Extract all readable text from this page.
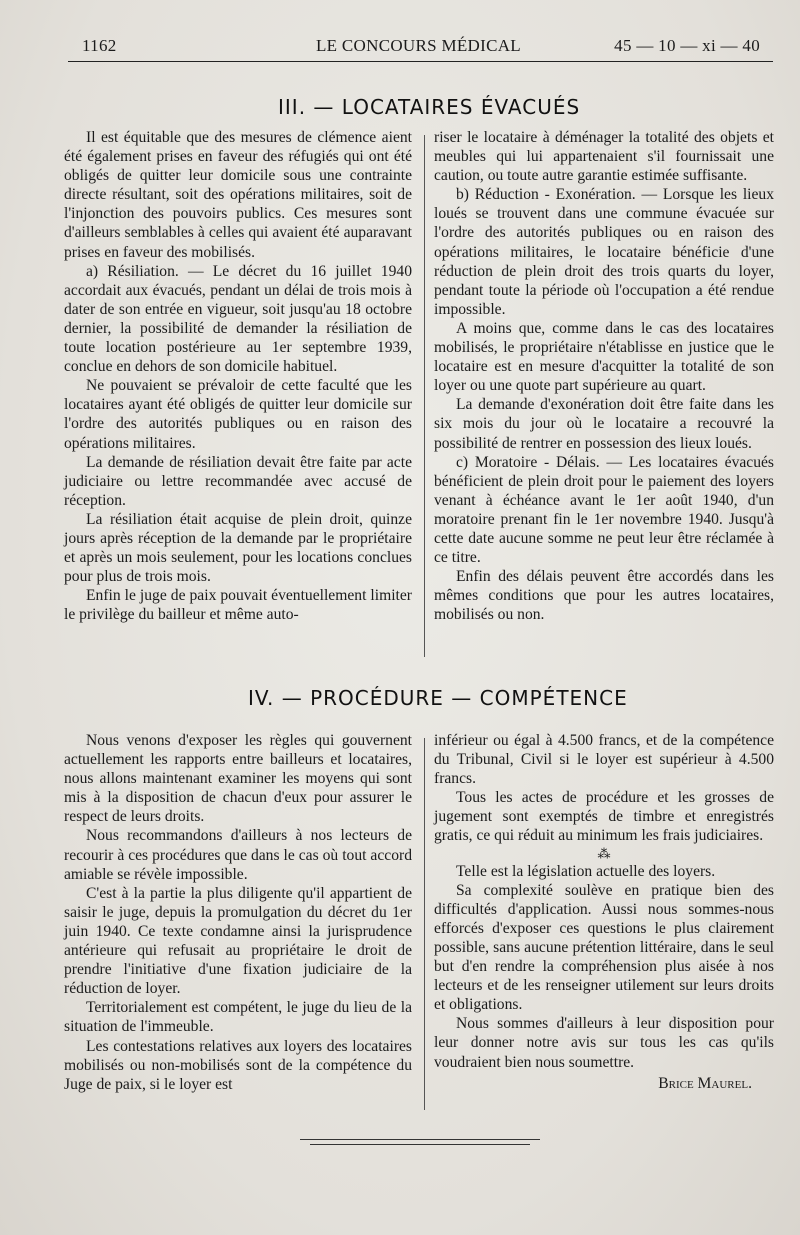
1162	LE CONCOURS MÉDICAL	45 — 10 — xi — 40
III. — LOCATAIRES ÉVACUÉS

Il est équitable que des mesures de clémence aient été également prises en faveur des réfugiés qui ont été obligés de quitter leur domicile sous une contrainte directe résultant, soit des opérations militaires, soit de l'injonction des pouvoirs publics. Ces mesures sont d'ailleurs semblables à celles qui avaient été auparavant prises en faveur des mobilisés.

a) Résiliation. — Le décret du 16 juillet 1940 accordait aux évacués, pendant un délai de trois mois à dater de son entrée en vigueur, soit jusqu'au 18 octobre dernier, la possibilité de demander la résiliation de toute location postérieure au 1er septembre 1939, conclue en dehors de son domicile habituel.

Ne pouvaient se prévaloir de cette faculté que les locataires ayant été obligés de quitter leur domicile sur l'ordre des autorités publiques ou en raison des opérations militaires.

La demande de résiliation devait être faite par acte judiciaire ou lettre recommandée avec accusé de réception.

La résiliation était acquise de plein droit, quinze jours après réception de la demande par le propriétaire et après un mois seulement, pour les locations conclues pour plus de trois mois.

Enfin le juge de paix pouvait éventuellement limiter le privilège du bailleur et même auto-

riser le locataire à déménager la totalité des objets et meubles qui lui appartenaient s'il fournissait une caution, ou toute autre garantie estimée suffisante.

b) Réduction - Exonération. — Lorsque les lieux loués se trouvent dans une commune évacuée sur l'ordre des autorités publiques ou en raison des opérations militaires, le locataire bénéficie d'une réduction de plein droit des trois quarts du loyer, pendant toute la période où l'occupation a été rendue impossible.

A moins que, comme dans le cas des locataires mobilisés, le propriétaire n'établisse en justice que le locataire est en mesure d'acquitter la totalité de son loyer ou une quote part supérieure au quart.

La demande d'exonération doit être faite dans les six mois du jour où le locataire a recouvré la possibilité de rentrer en possession des lieux loués.

c) Moratoire - Délais. — Les locataires évacués bénéficient de plein droit pour le paiement des loyers venant à échéance avant le 1er août 1940, d'un moratoire prenant fin le 1er novembre 1940. Jusqu'à cette date aucune somme ne peut leur être réclamée à ce titre.

Enfin des délais peuvent être accordés dans les mêmes conditions que pour les autres locataires, mobilisés ou non.

IV. — PROCÉDURE — COMPÉTENCE

Nous venons d'exposer les règles qui gouvernent actuellement les rapports entre bailleurs et locataires, nous allons maintenant examiner les moyens qui sont mis à la disposition de chacun d'eux pour assurer le respect de leurs droits.

Nous recommandons d'ailleurs à nos lecteurs de recourir à ces procédures que dans le cas où tout accord amiable se révèle impossible.

C'est à la partie la plus diligente qu'il appartient de saisir le juge, depuis la promulgation du décret du 1er juin 1940. Ce texte condamne ainsi la jurisprudence antérieure qui refusait au propriétaire le droit de prendre l'initiative d'une fixation judiciaire de la réduction de loyer.

Territorialement est compétent, le juge du lieu de la situation de l'immeuble.

Les contestations relatives aux loyers des locataires mobilisés ou non-mobilisés sont de la compétence du Juge de paix, si le loyer est

inférieur ou égal à 4.500 francs, et de la compétence du Tribunal, Civil si le loyer est supérieur à 4.500 francs.

Tous les actes de procédure et les grosses de jugement sont exemptés de timbre et enregistrés gratis, ce qui réduit au minimum les frais judiciaires.

⁂

Telle est la législation actuelle des loyers.

Sa complexité soulève en pratique bien des difficultés d'application. Aussi nous sommes-nous efforcés d'exposer ces questions le plus clairement possible, sans aucune prétention littéraire, dans le seul but d'en rendre la compréhension plus aisée à nos lecteurs et de les renseigner utilement sur leurs droits et obligations.

Nous sommes d'ailleurs à leur disposition pour leur donner notre avis sur tous les cas qu'ils voudraient bien nous soumettre.

Brice Maurel.
